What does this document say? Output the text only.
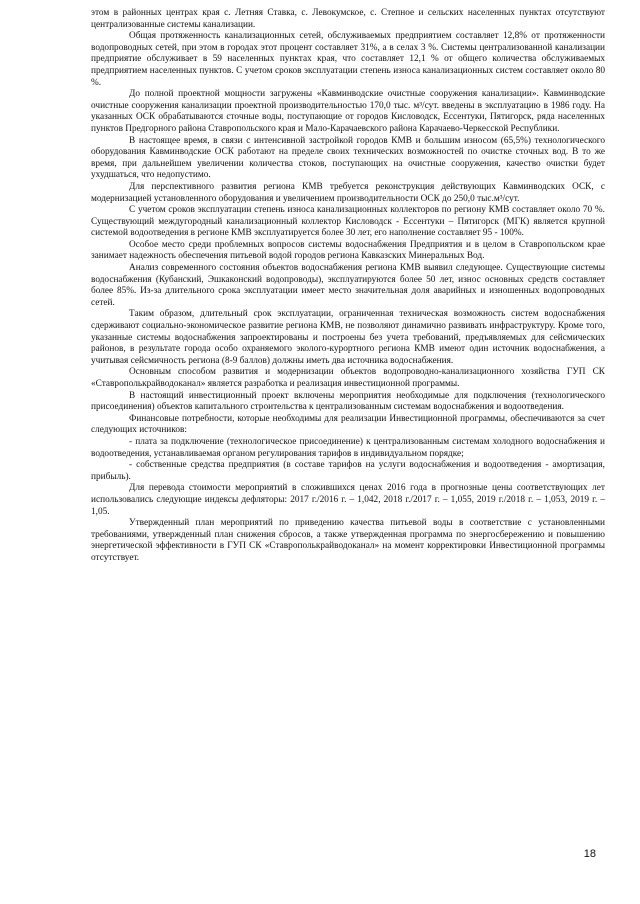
этом в районных центрах края с. Летняя Ставка, с. Левокумское, с. Степное и сельских населенных пунктах отсутствуют централизованные системы канализации.

Общая протяженность канализационных сетей, обслуживаемых предприятием составляет 12,8% от протяженности водопроводных сетей, при этом в городах этот процент составляет 31%, а в селах 3 %. Системы централизованной канализации предприятие обслуживает в 59 населенных пунктах края, что составляет 12,1 % от общего количества обслуживаемых предприятием населенных пунктов. С учетом сроков эксплуатации степень износа канализационных систем составляет около 80 %.

До полной проектной мощности загружены «Кавминводские очистные сооружения канализации». Кавминводские очистные сооружения канализации проектной производительностью 170,0 тыс. м³/сут. введены в эксплуатацию в 1986 году. На указанных ОСК обрабатываются сточные воды, поступающие от городов Кисловодск, Ессентуки, Пятигорск, ряда населенных пунктов Предгорного района Ставропольского края и Мало-Карачаевского района Карачаево-Черкесской Республики.

В настоящее время, в связи с интенсивной застройкой городов КМВ и большим износом (65,5%) технологического оборудования Кавминводские ОСК работают на пределе своих технических возможностей по очистке сточных вод. В то же время, при дальнейшем увеличении количества стоков, поступающих на очистные сооружения, качество очистки будет ухудшаться, что недопустимо.

Для перспективного развития региона КМВ требуется реконструкция действующих Кавминводских ОСК, с модернизацией установленного оборудования и увеличением производительности ОСК до 250,0 тыс.м³/сут.

С учетом сроков эксплуатации степень износа канализационных коллекторов по региону КМВ составляет около 70 %. Существующий междугородный канализационный коллектор Кисловодск - Ессентуки – Пятигорск (МГК) является крупной системой водоотведения в регионе КМВ эксплуатируется более 30 лет, его наполнение составляет 95 - 100%.

Особое место среди проблемных вопросов системы водоснабжения Предприятия и в целом в Ставропольском крае занимает надежность обеспечения питьевой водой городов региона Кавказских Минеральных Вод.

Анализ современного состояния объектов водоснабжения региона КМВ выявил следующее. Существующие системы водоснабжения (Кубанский, Эшкаконский водопроводы), эксплуатируются более 50 лет, износ основных средств составляет более 85%. Из-за длительного срока эксплуатации имеет место значительная доля аварийных и изношенных водопроводных сетей.

Таким образом, длительный срок эксплуатации, ограниченная техническая возможность систем водоснабжения сдерживают социально-экономическое развитие региона КМВ, не позволяют динамично развивать инфраструктуру. Кроме того, указанные системы водоснабжения запроектированы и построены без учета требований, предъявляемых для сейсмических районов, в результате города особо охраняемого эколого-курортного региона КМВ имеют один источник водоснабжения, а учитывая сейсмичность региона (8-9 баллов) должны иметь два источника водоснабжения.

Основным способом развития и модернизации объектов водопроводно-канализационного хозяйства ГУП СК «Ставрополькрайводоканал» является разработка и реализация инвестиционной программы.

В настоящий инвестиционный проект включены мероприятия необходимые для подключения (технологического присоединения) объектов капитального строительства к централизованным системам водоснабжения и водоотведения.

Финансовые потребности, которые необходимы для реализации Инвестиционной программы, обеспечиваются за счет следующих источников:

- плата за подключение (технологическое присоединение) к централизованным системам холодного водоснабжения и водоотведения, устанавливаемая органом регулирования тарифов в индивидуальном порядке;

- собственные средства предприятия (в составе тарифов на услуги водоснабжения и водоотведения - амортизация, прибыль).

Для перевода стоимости мероприятий в сложившихся ценах 2016 года в прогнозные цены соответствующих лет использовались следующие индексы дефляторы: 2017 г./2016 г. – 1,042, 2018 г./2017 г. – 1,055, 2019 г./2018 г. – 1,053, 2019 г. – 1,05.

Утвержденный план мероприятий по приведению качества питьевой воды в соответствие с установленными требованиями, утвержденный план снижения сбросов, а также утвержденная программа по энергосбережению и повышению энергетической эффективности в ГУП СК «Ставрополькрайводоканал» на момент корректировки Инвестиционной программы отсутствует.

18
